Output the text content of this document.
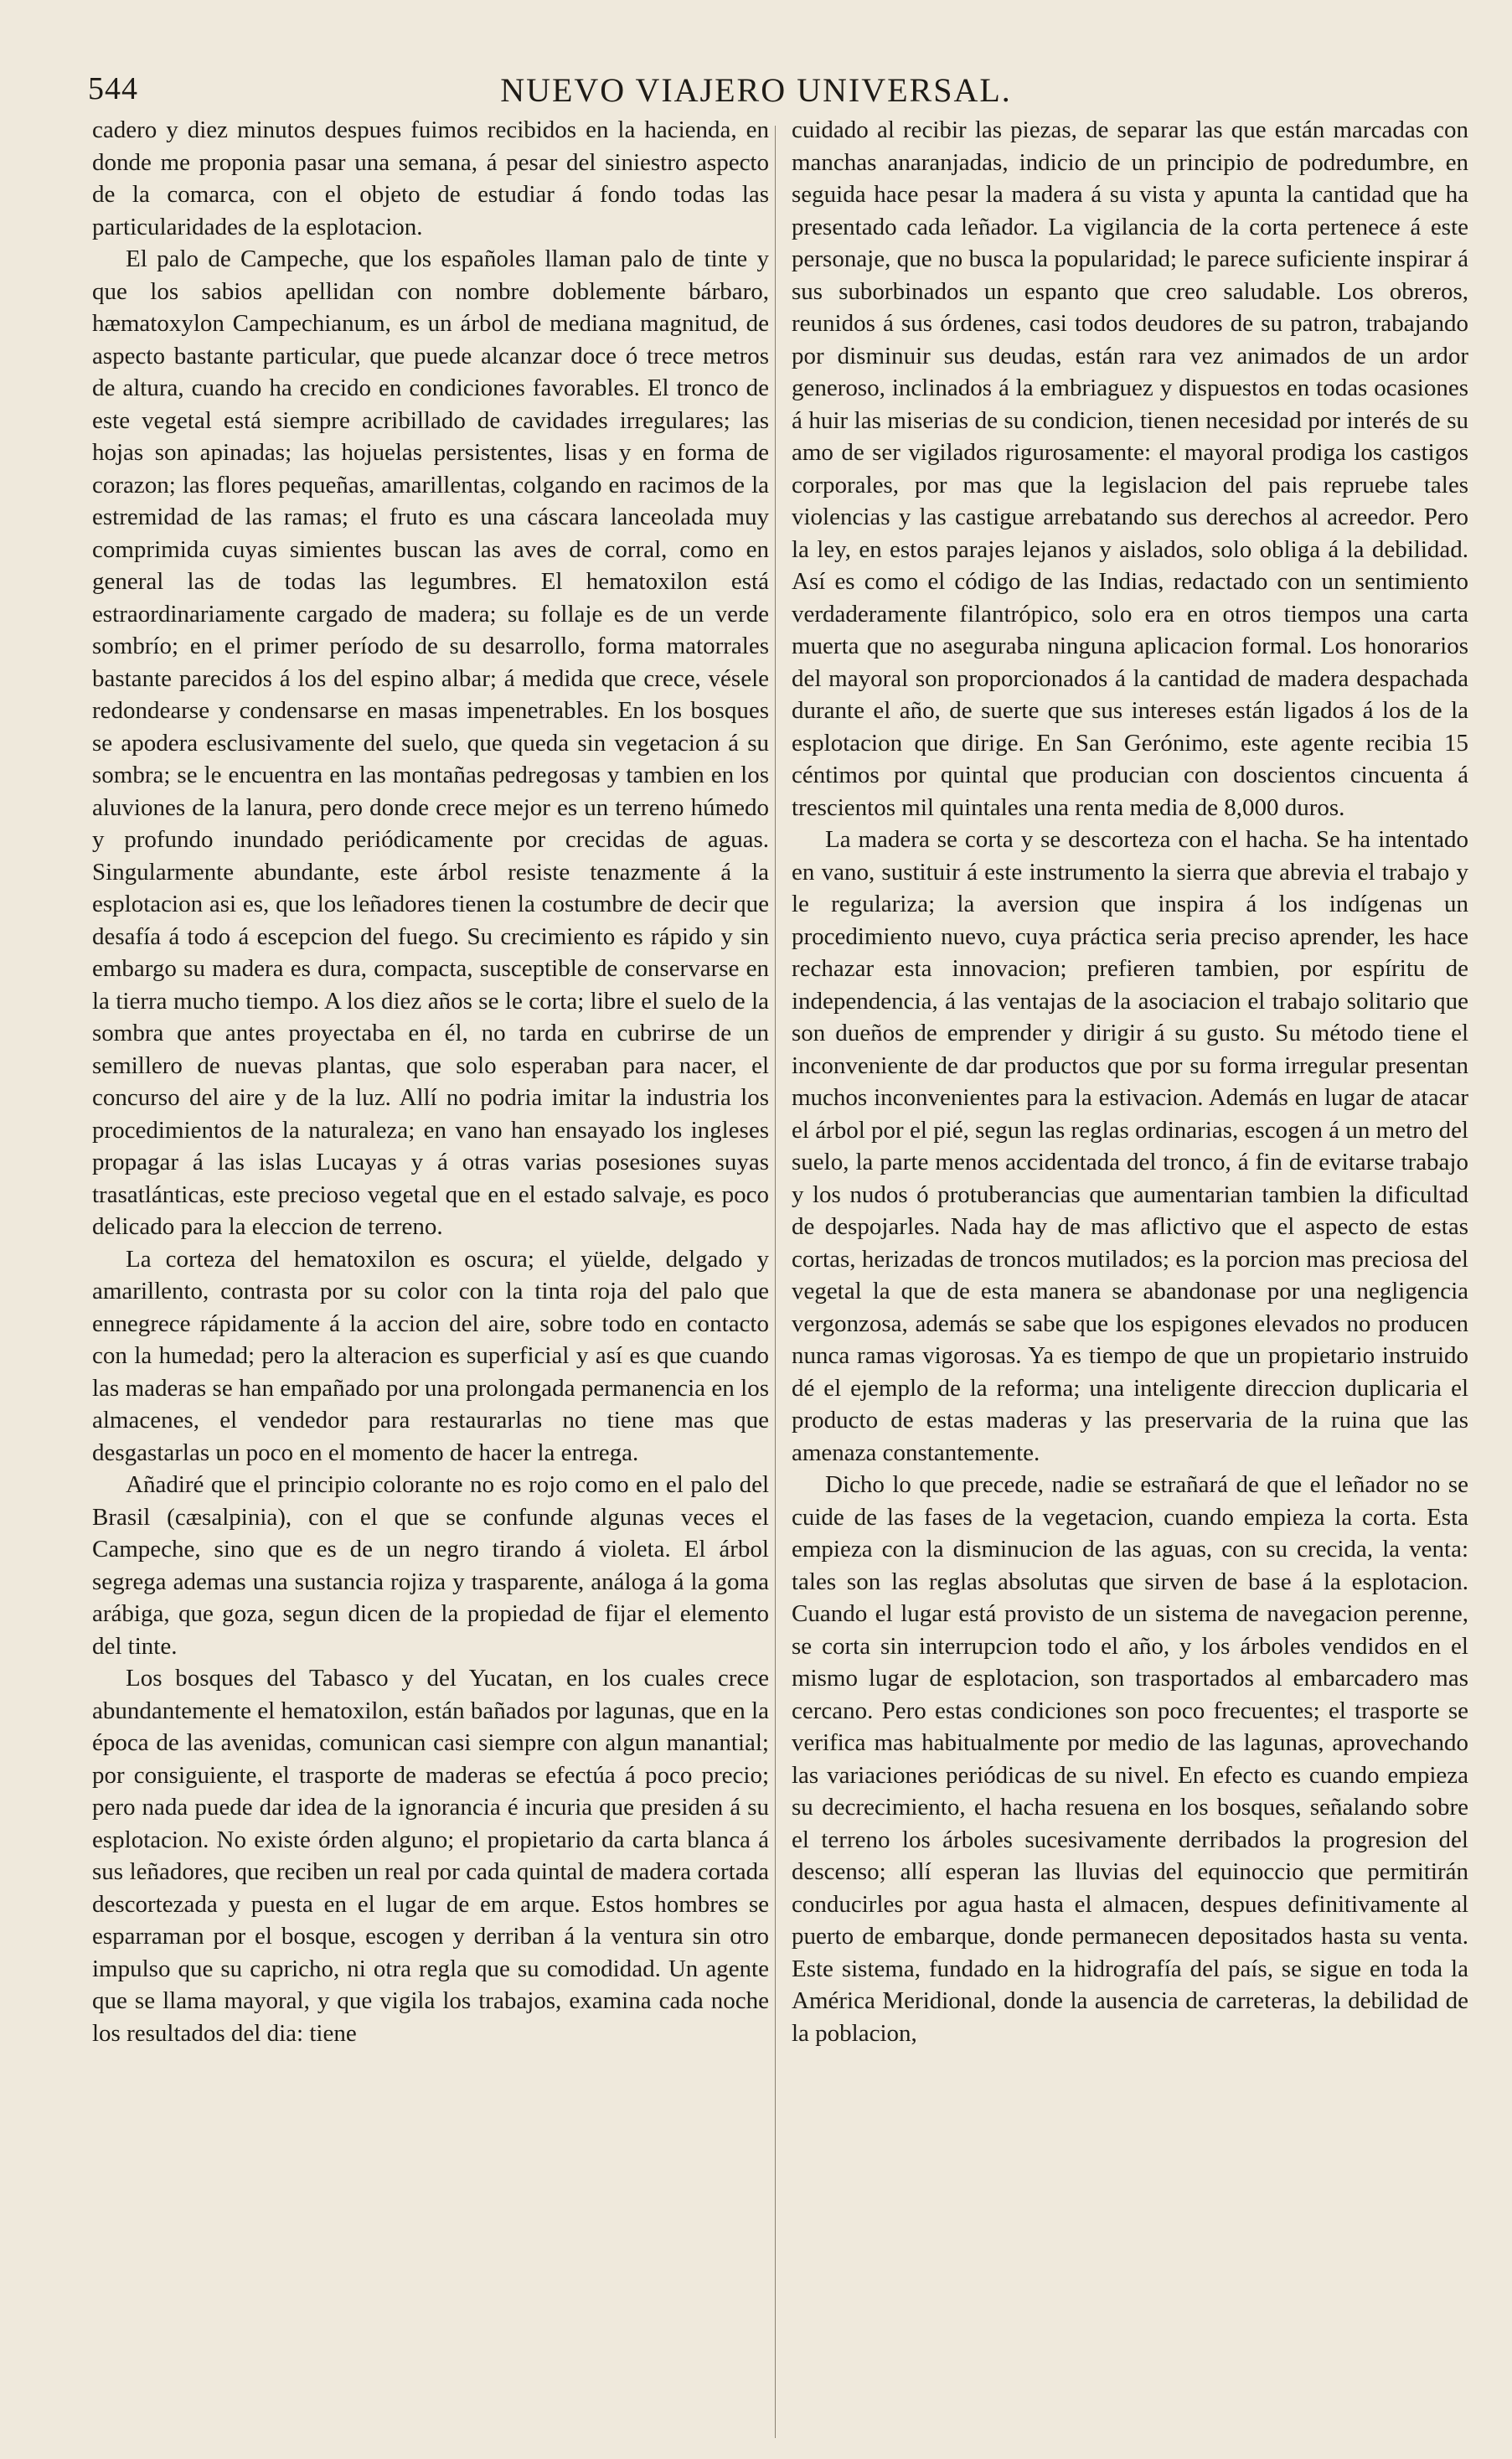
544	NUEVO VIAJERO UNIVERSAL.

cadero y diez minutos despues fuimos recibidos en la hacienda, en donde me proponia pasar una semana, á pesar del siniestro aspecto de la comarca, con el objeto de estudiar á fondo todas las particularidades de la esplotacion.

El palo de Campeche, que los españoles llaman palo de tinte y que los sabios apellidan con nombre doblemente bárbaro, hæmatoxylon Campechianum, es un árbol de mediana magnitud, de aspecto bastante particular, que puede alcanzar doce ó trece metros de altura, cuando ha crecido en condiciones favorables. El tronco de este vegetal está siempre acribillado de cavidades irregulares; las hojas son apinadas; las hojuelas persistentes, lisas y en forma de corazon; las flores pequeñas, amarillentas, colgando en racimos de la estremidad de las ramas; el fruto es una cáscara lanceolada muy comprimida cuyas simientes buscan las aves de corral, como en general las de todas las legumbres. El hematoxilon está estraordinariamente cargado de madera; su follaje es de un verde sombrío; en el primer período de su desarrollo, forma matorrales bastante parecidos á los del espino albar; á medida que crece, vésele redondearse y condensarse en masas impenetrables. En los bosques se apodera esclusivamente del suelo, que queda sin vegetacion á su sombra; se le encuentra en las montañas pedregosas y tambien en los aluviones de la lanura, pero donde crece mejor es un terreno húmedo y profundo inundado periódicamente por crecidas de aguas. Singularmente abundante, este árbol resiste tenazmente á la esplotacion asi es, que los leñadores tienen la costumbre de decir que desafía á todo á escepcion del fuego. Su crecimiento es rápido y sin embargo su madera es dura, compacta, susceptible de conservarse en la tierra mucho tiempo. A los diez años se le corta; libre el suelo de la sombra que antes proyectaba en él, no tarda en cubrirse de un semillero de nuevas plantas, que solo esperaban para nacer, el concurso del aire y de la luz. Allí no podria imitar la industria los procedimientos de la naturaleza; en vano han ensayado los ingleses propagar á las islas Lucayas y á otras varias posesiones suyas trasatlánticas, este precioso vegetal que en el estado salvaje, es poco delicado para la eleccion de terreno.

La corteza del hematoxilon es oscura; el yüelde, delgado y amarillento, contrasta por su color con la tinta roja del palo que ennegrece rápidamente á la accion del aire, sobre todo en contacto con la humedad; pero la alteracion es superficial y así es que cuando las maderas se han empañado por una prolongada permanencia en los almacenes, el vendedor para restaurarlas no tiene mas que desgastarlas un poco en el momento de hacer la entrega.

Añadiré que el principio colorante no es rojo como en el palo del Brasil (cæsalpinia), con el que se confunde algunas veces el Campeche, sino que es de un negro tirando á violeta. El árbol segrega ademas una sustancia rojiza y trasparente, análoga á la goma arábiga, que goza, segun dicen de la propiedad de fijar el elemento del tinte.

Los bosques del Tabasco y del Yucatan, en los cuales crece abundantemente el hematoxilon, están bañados por lagunas, que en la época de las avenidas, comunican casi siempre con algun manantial; por consiguiente, el trasporte de maderas se efectúa á poco precio; pero nada puede dar idea de la ignorancia é incuria que presiden á su esplotacion. No existe órden alguno; el propietario da carta blanca á sus leñadores, que reciben un real por cada quintal de madera cortada descortezada y puesta en el lugar de em arque. Estos hombres se esparraman por el bosque, escogen y derriban á la ventura sin otro impulso que su capricho, ni otra regla que su comodidad. Un agente que se llama mayoral, y que vigila los trabajos, examina cada noche los resultados del dia: tiene

cuidado al recibir las piezas, de separar las que están marcadas con manchas anaranjadas, indicio de un principio de podredumbre, en seguida hace pesar la madera á su vista y apunta la cantidad que ha presentado cada leñador. La vigilancia de la corta pertenece á este personaje, que no busca la popularidad; le parece suficiente inspirar á sus suborbinados un espanto que creo saludable. Los obreros, reunidos á sus órdenes, casi todos deudores de su patron, trabajando por disminuir sus deudas, están rara vez animados de un ardor generoso, inclinados á la embriaguez y dispuestos en todas ocasiones á huir las miserias de su condicion, tienen necesidad por interés de su amo de ser vigilados rigurosamente: el mayoral prodiga los castigos corporales, por mas que la legislacion del pais repruebe tales violencias y las castigue arrebatando sus derechos al acreedor. Pero la ley, en estos parajes lejanos y aislados, solo obliga á la debilidad. Así es como el código de las Indias, redactado con un sentimiento verdaderamente filantrópico, solo era en otros tiempos una carta muerta que no aseguraba ninguna aplicacion formal. Los honorarios del mayoral son proporcionados á la cantidad de madera despachada durante el año, de suerte que sus intereses están ligados á los de la esplotacion que dirige. En San Gerónimo, este agente recibia 15 céntimos por quintal que producian con doscientos cincuenta á trescientos mil quintales una renta media de 8,000 duros.

La madera se corta y se descorteza con el hacha. Se ha intentado en vano, sustituir á este instrumento la sierra que abrevia el trabajo y le regulariza; la aversion que inspira á los indígenas un procedimiento nuevo, cuya práctica seria preciso aprender, les hace rechazar esta innovacion; prefieren tambien, por espíritu de independencia, á las ventajas de la asociacion el trabajo solitario que son dueños de emprender y dirigir á su gusto. Su método tiene el inconveniente de dar productos que por su forma irregular presentan muchos inconvenientes para la estivacion. Además en lugar de atacar el árbol por el pié, segun las reglas ordinarias, escogen á un metro del suelo, la parte menos accidentada del tronco, á fin de evitarse trabajo y los nudos ó protuberancias que aumentarian tambien la dificultad de despojarles. Nada hay de mas aflictivo que el aspecto de estas cortas, herizadas de troncos mutilados; es la porcion mas preciosa del vegetal la que de esta manera se abandonase por una negligencia vergonzosa, además se sabe que los espigones elevados no producen nunca ramas vigorosas. Ya es tiempo de que un propietario instruido dé el ejemplo de la reforma; una inteligente direccion duplicaria el producto de estas maderas y las preservaria de la ruina que las amenaza constantemente.

Dicho lo que precede, nadie se estrañará de que el leñador no se cuide de las fases de la vegetacion, cuando empieza la corta. Esta empieza con la disminucion de las aguas, con su crecida, la venta: tales son las reglas absolutas que sirven de base á la esplotacion. Cuando el lugar está provisto de un sistema de navegacion perenne, se corta sin interrupcion todo el año, y los árboles vendidos en el mismo lugar de esplotacion, son trasportados al embarcadero mas cercano. Pero estas condiciones son poco frecuentes; el trasporte se verifica mas habitualmente por medio de las lagunas, aprovechando las variaciones periódicas de su nivel. En efecto es cuando empieza su decrecimiento, el hacha resuena en los bosques, señalando sobre el terreno los árboles sucesivamente derribados la progresion del descenso; allí esperan las lluvias del equinoccio que permitirán conducirles por agua hasta el almacen, despues definitivamente al puerto de embarque, donde permanecen depositados hasta su venta. Este sistema, fundado en la hidrografía del país, se sigue en toda la América Meridional, donde la ausencia de carreteras, la debilidad de la poblacion,
